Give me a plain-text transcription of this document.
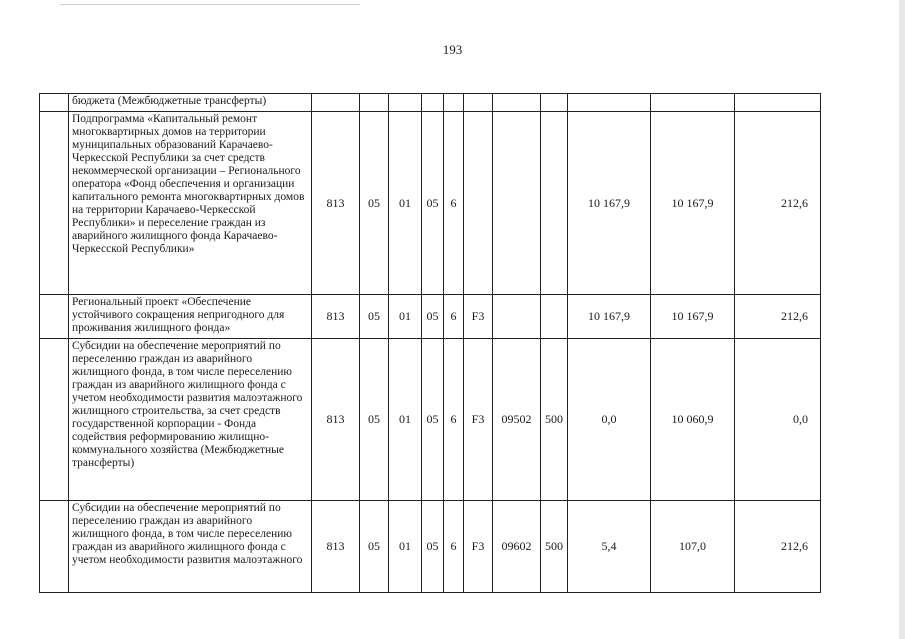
193
	бюджета (Межбюджетные трансферты)											
	Подпрограмма «Капитальный ремонт многоквартирных домов на территории муниципальных образований Карачаево-Черкесской Республики за счет средств некоммерческой организации – Регионального оператора «Фонд обеспечения и организации капитального ремонта многоквартирных домов на территории Карачаево-Черкесской Республики» и переселение граждан из аварийного жилищного фонда Карачаево-Черкесской Республики»	813	05	01	05	6				10 167,9	10 167,9	212,6
	Региональный проект «Обеспечение устойчивого сокращения непригодного для проживания жилищного фонда»	813	05	01	05	6	F3			10 167,9	10 167,9	212,6
	Субсидии на обеспечение мероприятий по переселению граждан из аварийного жилищного фонда, в том числе переселению граждан из аварийного жилищного фонда с учетом необходимости развития малоэтажного жилищного строительства, за счет средств государственной корпорации - Фонда содействия реформированию жилищно-коммунального хозяйства (Межбюджетные трансферты)	813	05	01	05	6	F3	09502	500	0,0	10 060,9	0,0
	Субсидии на обеспечение мероприятий по переселению граждан из аварийного жилищного фонда, в том числе переселению граждан из аварийного жилищного фонда с учетом необходимости развития малоэтажного	813	05	01	05	6	F3	09602	500	5,4	107,0	212,6
